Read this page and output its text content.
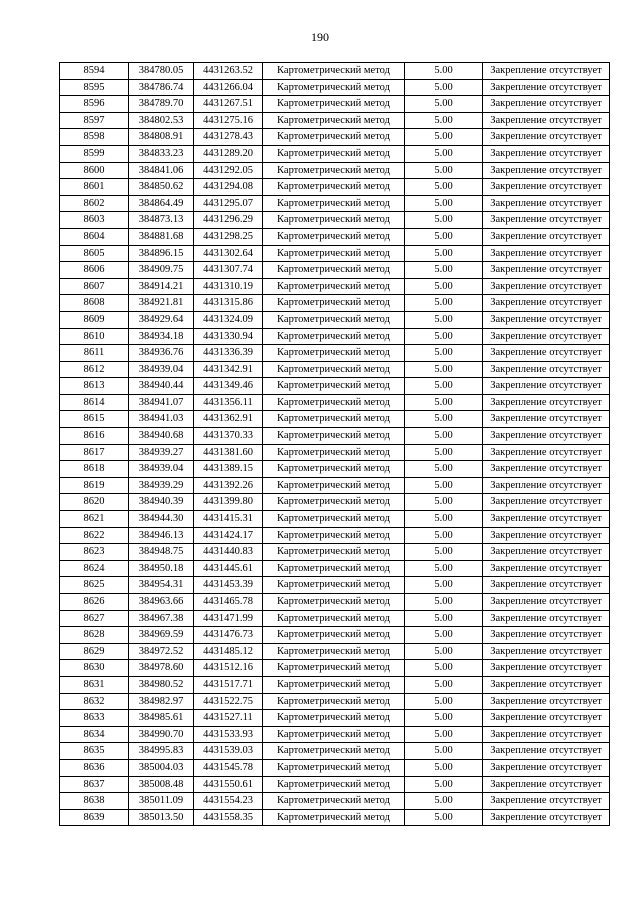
190
8594	384780.05	4431263.52	Картометрический метод	5.00	Закрепление отсутствует
8595	384786.74	4431266.04	Картометрический метод	5.00	Закрепление отсутствует
8596	384789.70	4431267.51	Картометрический метод	5.00	Закрепление отсутствует
8597	384802.53	4431275.16	Картометрический метод	5.00	Закрепление отсутствует
8598	384808.91	4431278.43	Картометрический метод	5.00	Закрепление отсутствует
8599	384833.23	4431289.20	Картометрический метод	5.00	Закрепление отсутствует
8600	384841.06	4431292.05	Картометрический метод	5.00	Закрепление отсутствует
8601	384850.62	4431294.08	Картометрический метод	5.00	Закрепление отсутствует
8602	384864.49	4431295.07	Картометрический метод	5.00	Закрепление отсутствует
8603	384873.13	4431296.29	Картометрический метод	5.00	Закрепление отсутствует
8604	384881.68	4431298.25	Картометрический метод	5.00	Закрепление отсутствует
8605	384896.15	4431302.64	Картометрический метод	5.00	Закрепление отсутствует
8606	384909.75	4431307.74	Картометрический метод	5.00	Закрепление отсутствует
8607	384914.21	4431310.19	Картометрический метод	5.00	Закрепление отсутствует
8608	384921.81	4431315.86	Картометрический метод	5.00	Закрепление отсутствует
8609	384929.64	4431324.09	Картометрический метод	5.00	Закрепление отсутствует
8610	384934.18	4431330.94	Картометрический метод	5.00	Закрепление отсутствует
8611	384936.76	4431336.39	Картометрический метод	5.00	Закрепление отсутствует
8612	384939.04	4431342.91	Картометрический метод	5.00	Закрепление отсутствует
8613	384940.44	4431349.46	Картометрический метод	5.00	Закрепление отсутствует
8614	384941.07	4431356.11	Картометрический метод	5.00	Закрепление отсутствует
8615	384941.03	4431362.91	Картометрический метод	5.00	Закрепление отсутствует
8616	384940.68	4431370.33	Картометрический метод	5.00	Закрепление отсутствует
8617	384939.27	4431381.60	Картометрический метод	5.00	Закрепление отсутствует
8618	384939.04	4431389.15	Картометрический метод	5.00	Закрепление отсутствует
8619	384939.29	4431392.26	Картометрический метод	5.00	Закрепление отсутствует
8620	384940.39	4431399.80	Картометрический метод	5.00	Закрепление отсутствует
8621	384944.30	4431415.31	Картометрический метод	5.00	Закрепление отсутствует
8622	384946.13	4431424.17	Картометрический метод	5.00	Закрепление отсутствует
8623	384948.75	4431440.83	Картометрический метод	5.00	Закрепление отсутствует
8624	384950.18	4431445.61	Картометрический метод	5.00	Закрепление отсутствует
8625	384954.31	4431453.39	Картометрический метод	5.00	Закрепление отсутствует
8626	384963.66	4431465.78	Картометрический метод	5.00	Закрепление отсутствует
8627	384967.38	4431471.99	Картометрический метод	5.00	Закрепление отсутствует
8628	384969.59	4431476.73	Картометрический метод	5.00	Закрепление отсутствует
8629	384972.52	4431485.12	Картометрический метод	5.00	Закрепление отсутствует
8630	384978.60	4431512.16	Картометрический метод	5.00	Закрепление отсутствует
8631	384980.52	4431517.71	Картометрический метод	5.00	Закрепление отсутствует
8632	384982.97	4431522.75	Картометрический метод	5.00	Закрепление отсутствует
8633	384985.61	4431527.11	Картометрический метод	5.00	Закрепление отсутствует
8634	384990.70	4431533.93	Картометрический метод	5.00	Закрепление отсутствует
8635	384995.83	4431539.03	Картометрический метод	5.00	Закрепление отсутствует
8636	385004.03	4431545.78	Картометрический метод	5.00	Закрепление отсутствует
8637	385008.48	4431550.61	Картометрический метод	5.00	Закрепление отсутствует
8638	385011.09	4431554.23	Картометрический метод	5.00	Закрепление отсутствует
8639	385013.50	4431558.35	Картометрический метод	5.00	Закрепление отсутствует
